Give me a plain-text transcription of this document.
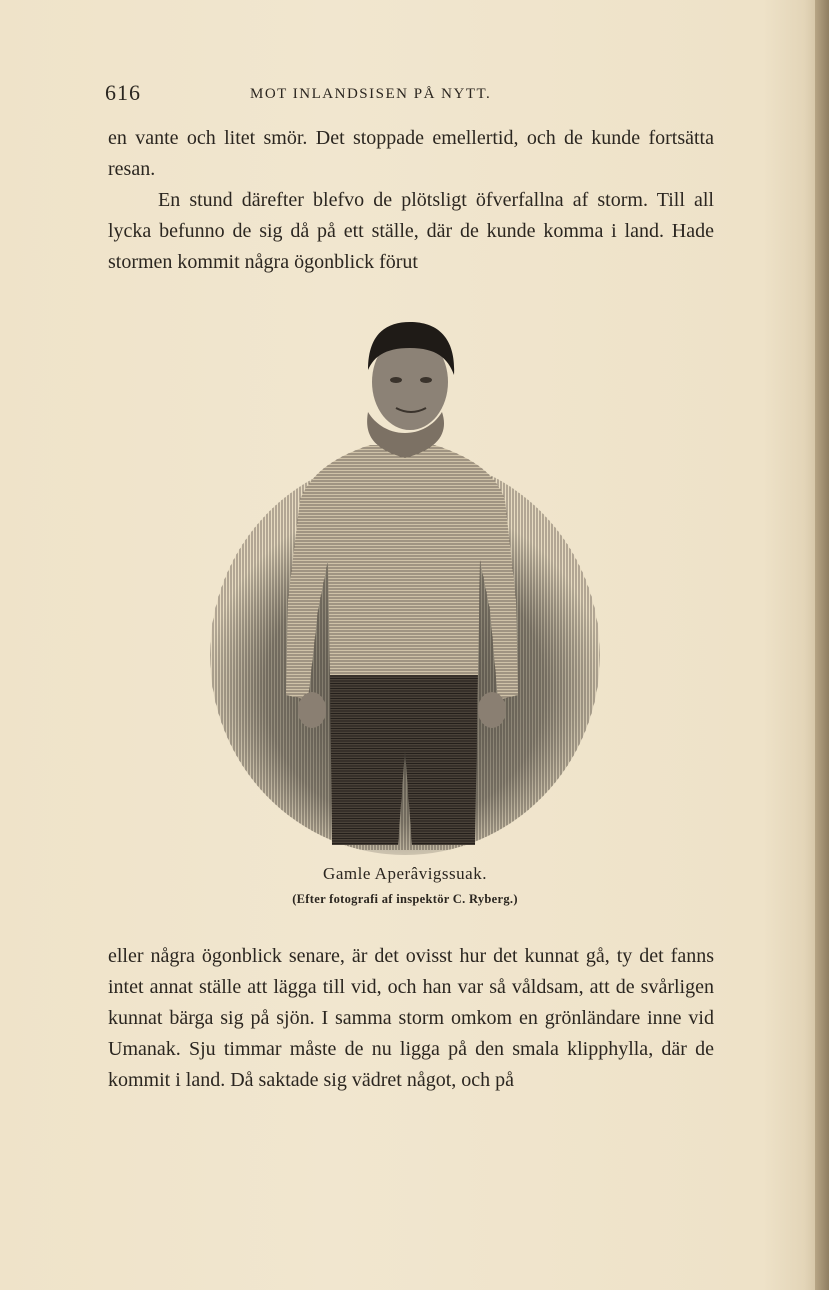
616	MOT INLANDSISEN PÅ NYTT.

en vante och litet smör. Det stoppade emellertid, och de kunde fortsätta resan.

En stund därefter blefvo de plötsligt öfverfallna af storm. Till all lycka befunno de sig då på ett ställe, där de kunde komma i land. Hade stormen kommit några ögonblick förut

Gamle Aperâvigssuak.

(Efter fotografi af inspektör C. Ryberg.)

eller några ögonblick senare, är det ovisst hur det kunnat gå, ty det fanns intet annat ställe att lägga till vid, och han var så våldsam, att de svårligen kunnat bärga sig på sjön. I samma storm omkom en grönländare inne vid Umanak. Sju timmar måste de nu ligga på den smala klipphylla, där de kommit i land. Då saktade sig vädret något, och på
